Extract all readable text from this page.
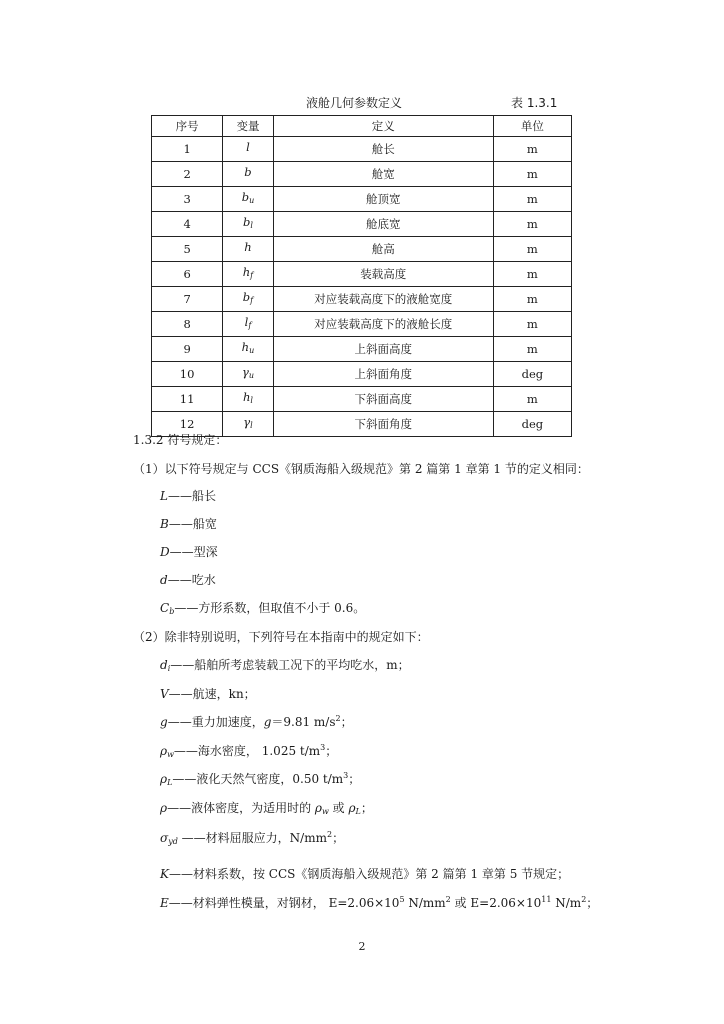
液舱几何参数定义	表 1.3.1
序号	变量	定义	单位
1	l	舱长	m
2	b	舱宽	m
3	$b_u$	舱顶宽	m
4	$b_l$	舱底宽	m
5	h	舱高	m
6	$h_f$	装载高度	m
7	$b_f$	对应装载高度下的液舱宽度	m
8	$l_f$	对应装载高度下的液舱长度	m
9	$h_u$	上斜面高度	m
10	$\gamma_u$	上斜面角度	deg
11	$h_l$	下斜面高度	m
12	$\gamma_l$	下斜面角度	deg
1.3.2 符号规定：
（1）以下符号规定与 CCS《钢质海船入级规范》第 2 篇第 1 章第 1 节的定义相同：
L——船长
B——船宽
D——型深
d——吃水
$C_b——$方形系数，但取值不小于 0.6。
（2）除非特别说明，下列符号在本指南中的规定如下：
$d_i——$船舶所考虑装载工况下的平均吃水，m；
V——航速，kn；
g——重力加速度，g＝9.81 $m/s^2$；
$\rho_w——$海水密度， 1.025 $t/m^3$；
$\rho_L——$液化天然气密度，0.50 $t/m^3$；
ρ——液体密度，为适用时的 $\rho_w$ 或 $\rho_L$；
$\sigma_{yd}$ ——材料屈服应力，$N/mm^2$；
K——材料系数，按 CCS《钢质海船入级规范》第 2 篇第 1 章第 5 节规定；
E——材料弹性模量，对钢材， $E=2.06\times 10^5$ $N/mm^2$ 或 $E=2.06\times 10^{11}$ $N/m^2$；
2
